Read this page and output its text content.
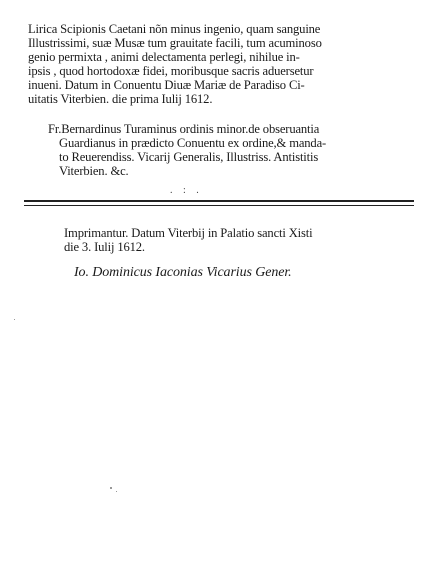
Lirica Scipionis Caetani nõn minus ingenio, quam sanguine
Illustrissimi, suæ Musæ tum grauitate facili, tum acuminoso
genio permixta , animi delectamenta perlegi, nihilue in-
ipsis , quod hortodoxæ fidei, moribusque sacris aduersetur
inueni. Datum in Conuentu Diuæ Mariæ de Paradiso Ci-
uitatis Viterbien. die prima Iulij 1612.
Fr.Bernardinus Turaminus ordinis minor.de obseruantia
Guardianus in prædicto Conuentu ex ordine,& manda-
to Reuerendiss. Vicarij Generalis, Illustriss. Antistitis
Viterbien. &c.
. : .
Imprimantur. Datum Viterbij in Palatio sancti Xisti
die 3. Iulij 1612.
Io. Dominicus Iaconias Vicarius Gener.
